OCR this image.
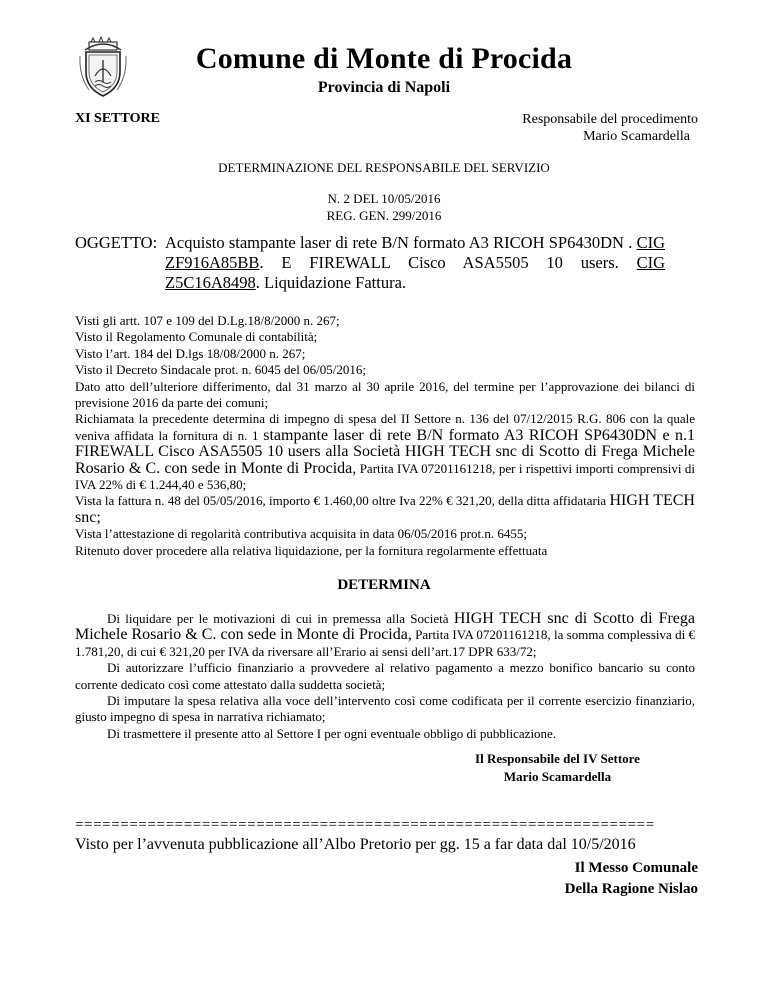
Comune di Monte di Procida
Provincia di Napoli
XI SETTORE	Responsabile del procedimento
Mario Scamardella
DETERMINAZIONE DEL RESPONSABILE DEL SERVIZIO
N. 2 DEL 10/05/2016
REG. GEN. 299/2016
OGGETTO: Acquisto stampante laser di rete B/N formato A3 RICOH SP6430DN . CIG ZF916A85BB. E FIREWALL Cisco ASA5505 10 users. CIG Z5C16A8498. Liquidazione Fattura.

Visti gli artt. 107 e 109 del D.Lg.18/8/2000 n. 267;

Visto il Regolamento Comunale di contabilità;

Visto l’art. 184 del D.lgs 18/08/2000 n. 267;

Visto il Decreto Sindacale prot. n. 6045 del 06/05/2016;

Dato atto dell’ulteriore differimento, dal 31 marzo al 30 aprile 2016, del termine per l’approvazione dei bilanci di previsione 2016 da parte dei comuni;

Richiamata la precedente determina di impegno di spesa del II Settore n. 136 del 07/12/2015 R.G. 806 con la quale veniva affidata la fornitura di n. 1 stampante laser di rete B/N formato A3 RICOH SP6430DN e n.1 FIREWALL Cisco ASA5505 10 users alla Società HIGH TECH snc di Scotto di Frega Michele Rosario & C. con sede in Monte di Procida, Partita IVA 07201161218, per i rispettivi importi comprensivi di IVA 22% di € 1.244,40 e 536,80;

Vista la fattura n. 48 del 05/05/2016, importo € 1.460,00 oltre Iva 22% € 321,20, della ditta affidataria HIGH TECH snc;

Vista l’attestazione di regolarità contributiva acquisita in data 06/05/2016 prot.n. 6455;

Ritenuto dover procedere alla relativa liquidazione, per la fornitura regolarmente effettuata

DETERMINA

Di liquidare per le motivazioni di cui in premessa alla Società HIGH TECH snc di Scotto di Frega Michele Rosario & C. con sede in Monte di Procida, Partita IVA 07201161218, la somma complessiva di € 1.781,20, di cui € 321,20 per IVA da riversare all’Erario ai sensi dell’art.17 DPR 633/72;

Di autorizzare l’ufficio finanziario a provvedere al relativo pagamento a mezzo bonifico bancario su conto corrente dedicato così come attestato dalla suddetta società;

Di imputare la spesa relativa alla voce dell’intervento così come codificata per il corrente esercizio finanziario, giusto impegno di spesa in narrativa richiamato;

Di trasmettere il presente atto al Settore I per ogni eventuale obbligo di pubblicazione.

Il Responsabile del IV Settore
Mario Scamardella
================================================================
Visto per l’avvenuta pubblicazione all’Albo Pretorio per gg. 15 a far data dal 10/5/2016
Il Messo Comunale
Della Ragione Nislao
